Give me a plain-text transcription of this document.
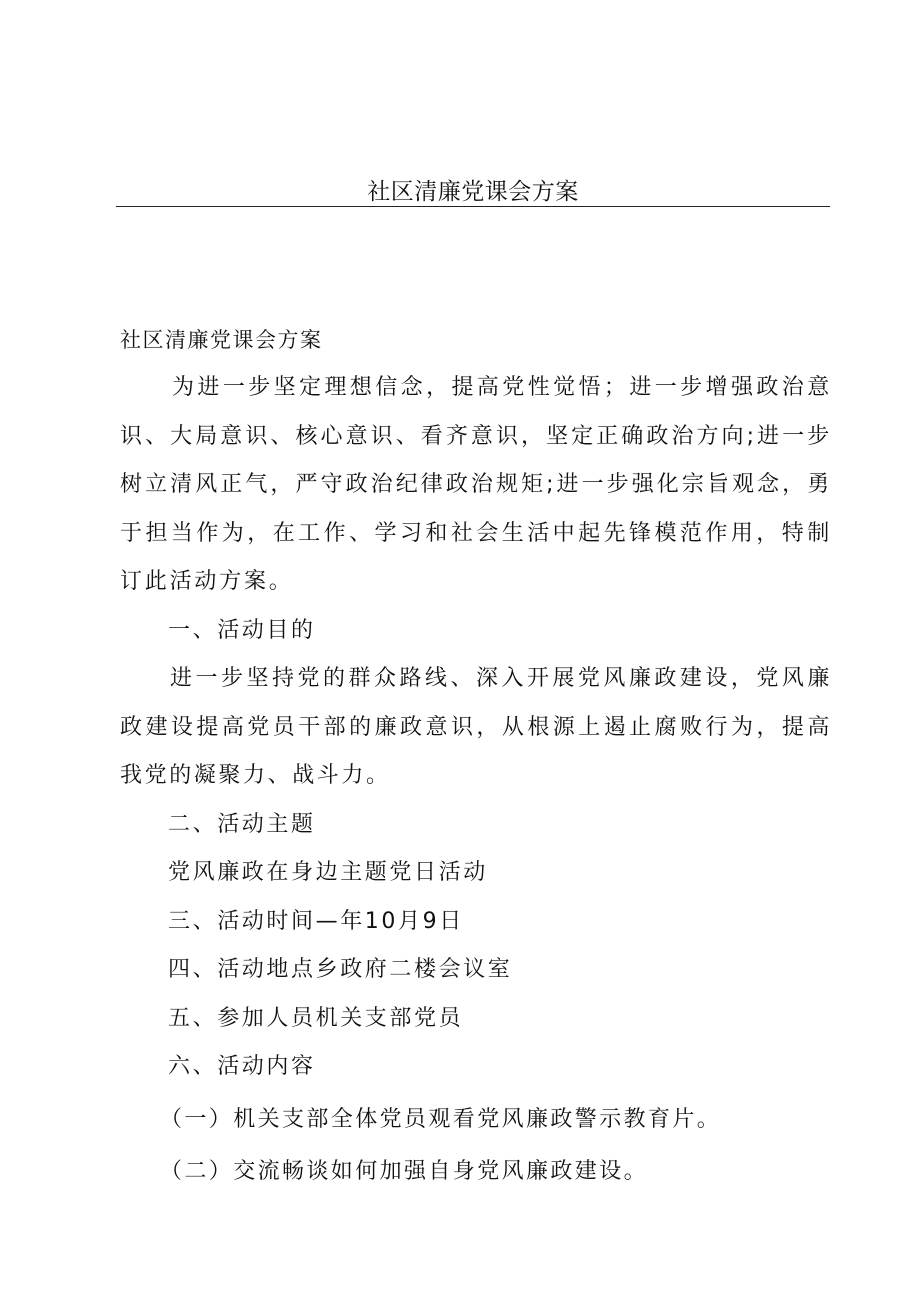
社区清廉党课会方案

社区清廉党课会方案

为进一步坚定理想信念，提高党性觉悟；进一步增强政治意识、大局意识、核心意识、看齐意识，坚定正确政治方向;进一步树立清风正气，严守政治纪律政治规矩;进一步强化宗旨观念，勇于担当作为，在工作、学习和社会生活中起先锋模范作用，特制订此活动方案。

一、活动目的

进一步坚持党的群众路线、深入开展党风廉政建设，党风廉政建设提高党员干部的廉政意识，从根源上遏止腐败行为，提高我党的凝聚力、战斗力。

二、活动主题

党风廉政在身边主题党日活动

三、活动时间—年10月9日

四、活动地点乡政府二楼会议室

五、参加人员机关支部党员

六、活动内容

（一）机关支部全体党员观看党风廉政警示教育片。

（二）交流畅谈如何加强自身党风廉政建设。
